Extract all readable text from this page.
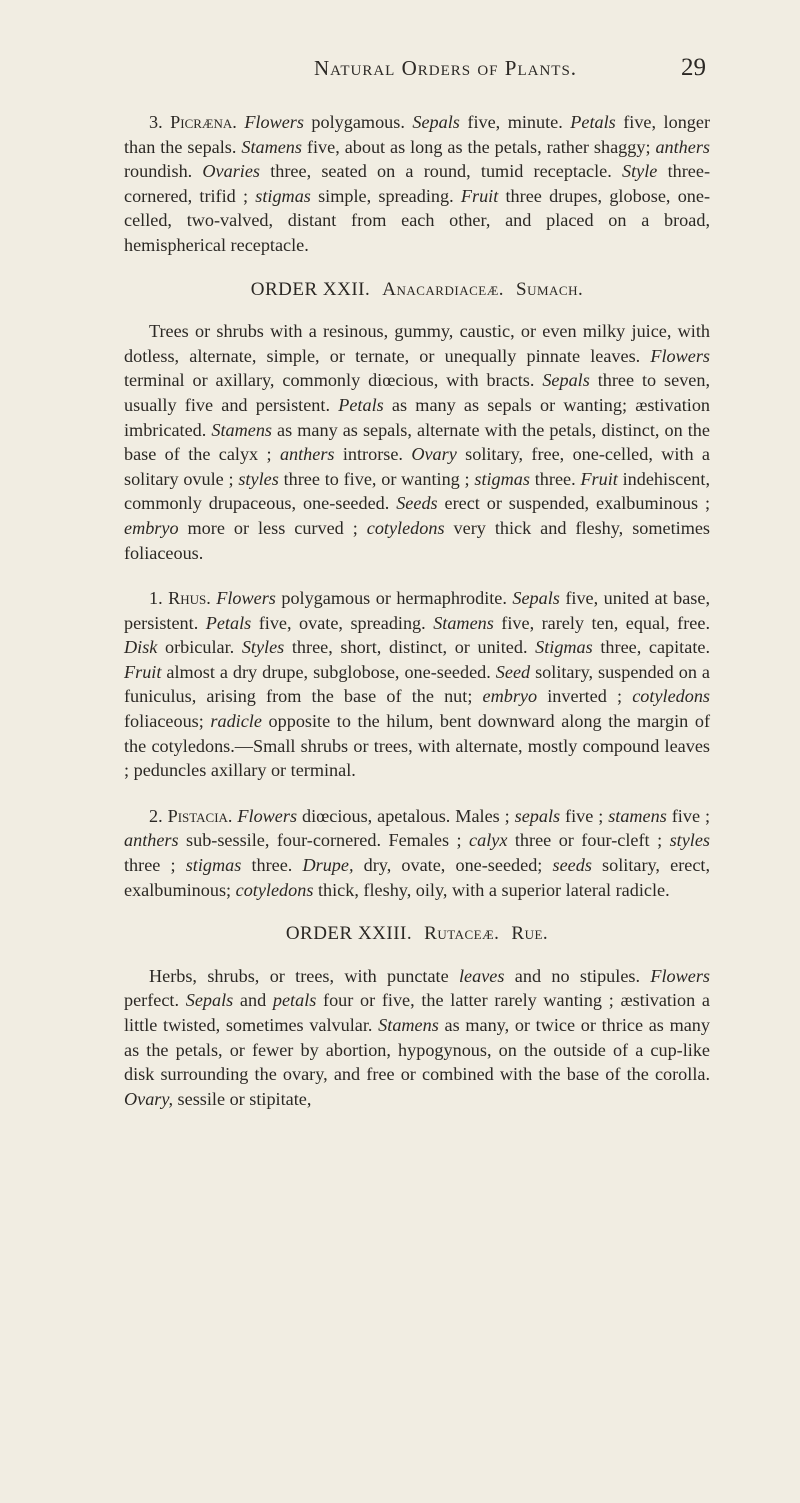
Natural Orders of Plants.	29

3. Picræna. Flowers polygamous. Sepals five, minute. Petals five, longer than the sepals. Stamens five, about as long as the petals, rather shaggy; anthers roundish. Ovaries three, seated on a round, tumid receptacle. Style three-cornered, trifid ; stigmas simple, spreading. Fruit three drupes, globose, one-celled, two-valved, distant from each other, and placed on a broad, hemispherical receptacle.

ORDER XXII. Anacardiaceæ. Sumach.

Trees or shrubs with a resinous, gummy, caustic, or even milky juice, with dotless, alternate, simple, or ternate, or unequally pinnate leaves. Flowers terminal or axillary, commonly diœcious, with bracts. Sepals three to seven, usually five and persistent. Petals as many as sepals or wanting; æstivation imbricated. Stamens as many as sepals, alternate with the petals, distinct, on the base of the calyx ; anthers introrse. Ovary solitary, free, one-celled, with a solitary ovule ; styles three to five, or wanting ; stigmas three. Fruit indehiscent, commonly drupaceous, one-seeded. Seeds erect or suspended, exalbuminous ; embryo more or less curved ; cotyledons very thick and fleshy, sometimes foliaceous.

1. Rhus. Flowers polygamous or hermaphrodite. Sepals five, united at base, persistent. Petals five, ovate, spreading. Stamens five, rarely ten, equal, free. Disk orbicular. Styles three, short, distinct, or united. Stigmas three, capitate. Fruit almost a dry drupe, subglobose, one-seeded. Seed solitary, suspended on a funiculus, arising from the base of the nut; embryo inverted ; cotyledons foliaceous; radicle opposite to the hilum, bent downward along the margin of the cotyledons.—Small shrubs or trees, with alternate, mostly compound leaves ; peduncles axillary or terminal.

2. Pistacia. Flowers diœcious, apetalous. Males ; sepals five ; stamens five ; anthers sub-sessile, four-cornered. Females ; calyx three or four-cleft ; styles three ; stigmas three. Drupe, dry, ovate, one-seeded; seeds solitary, erect, exalbuminous; cotyledons thick, fleshy, oily, with a superior lateral radicle.

ORDER XXIII. Rutaceæ. Rue.

Herbs, shrubs, or trees, with punctate leaves and no stipules. Flowers perfect. Sepals and petals four or five, the latter rarely wanting ; æstivation a little twisted, sometimes valvular. Stamens as many, or twice or thrice as many as the petals, or fewer by abortion, hypogynous, on the outside of a cup-like disk surrounding the ovary, and free or combined with the base of the corolla. Ovary, sessile or stipitate,
